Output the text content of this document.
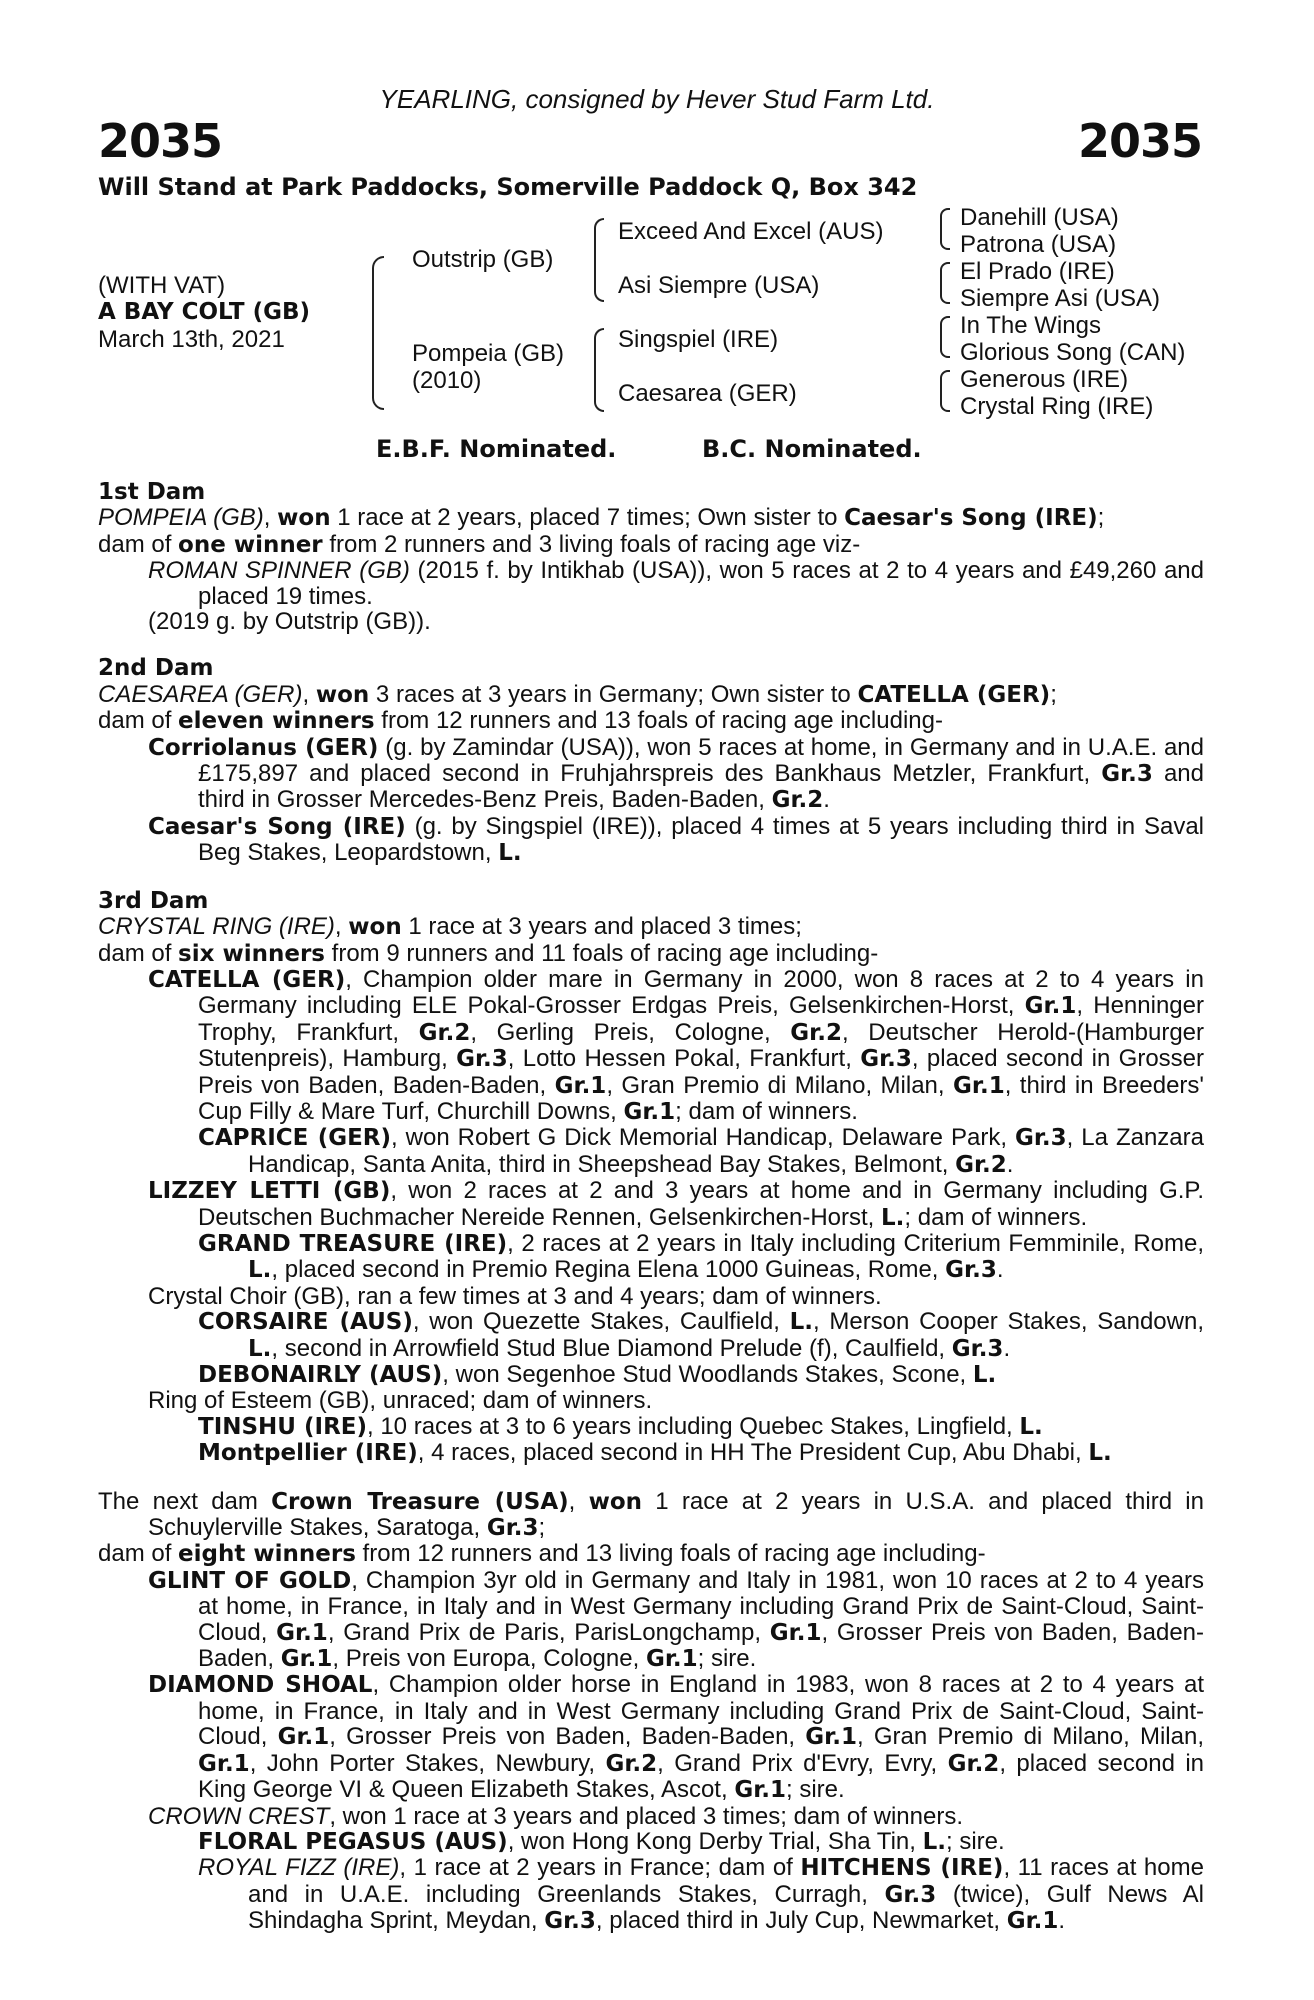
YEARLING, consigned by Hever Stud Farm Ltd.
2035	2035
Will Stand at Park Paddocks, Somerville Paddock Q, Box 342
(WITH VAT)
A BAY COLT (GB)
March 13th, 2021
Outstrip (GB)
Pompeia (GB)
(2010)
Exceed And Excel (AUS)
Asi Siempre (USA)
Singspiel (IRE)
Caesarea (GER)
Danehill (USA)
Patrona (USA)
El Prado (IRE)
Siempre Asi (USA)
In The Wings
Glorious Song (CAN)
Generous (IRE)
Crystal Ring (IRE)
E.B.F. Nominated.	B.C. Nominated.
1st Dam
POMPEIA (GB), won 1 race at 2 years, placed 7 times; Own sister to Caesar's Song (IRE);
dam of one winner from 2 runners and 3 living foals of racing age viz-
ROMAN SPINNER (GB) (2015 f. by Intikhab (USA)), won 5 races at 2 to 4 years and £49,260 and placed 19 times.
(2019 g. by Outstrip (GB)).
2nd Dam
CAESAREA (GER), won 3 races at 3 years in Germany; Own sister to CATELLA (GER);
dam of eleven winners from 12 runners and 13 foals of racing age including-
Corriolanus (GER) (g. by Zamindar (USA)), won 5 races at home, in Germany and in U.A.E. and £175,897 and placed second in Fruhjahrspreis des Bankhaus Metzler, Frankfurt, Gr.3 and third in Grosser Mercedes-Benz Preis, Baden-Baden, Gr.2.
Caesar's Song (IRE) (g. by Singspiel (IRE)), placed 4 times at 5 years including third in Saval Beg Stakes, Leopardstown, L.
3rd Dam
CRYSTAL RING (IRE), won 1 race at 3 years and placed 3 times;
dam of six winners from 9 runners and 11 foals of racing age including-
CATELLA (GER), Champion older mare in Germany in 2000, won 8 races at 2 to 4 years in Germany including ELE Pokal-Grosser Erdgas Preis, Gelsenkirchen-Horst, Gr.1, Henninger Trophy, Frankfurt, Gr.2, Gerling Preis, Cologne, Gr.2, Deutscher Herold-(Hamburger Stutenpreis), Hamburg, Gr.3, Lotto Hessen Pokal, Frankfurt, Gr.3, placed second in Grosser Preis von Baden, Baden-Baden, Gr.1, Gran Premio di Milano, Milan, Gr.1, third in Breeders' Cup Filly & Mare Turf, Churchill Downs, Gr.1; dam of winners.
CAPRICE (GER), won Robert G Dick Memorial Handicap, Delaware Park, Gr.3, La Zanzara Handicap, Santa Anita, third in Sheepshead Bay Stakes, Belmont, Gr.2.
LIZZEY LETTI (GB), won 2 races at 2 and 3 years at home and in Germany including G.P. Deutschen Buchmacher Nereide Rennen, Gelsenkirchen-Horst, L.; dam of winners.
GRAND TREASURE (IRE), 2 races at 2 years in Italy including Criterium Femminile, Rome, L., placed second in Premio Regina Elena 1000 Guineas, Rome, Gr.3.
Crystal Choir (GB), ran a few times at 3 and 4 years; dam of winners.
CORSAIRE (AUS), won Quezette Stakes, Caulfield, L., Merson Cooper Stakes, Sandown, L., second in Arrowfield Stud Blue Diamond Prelude (f), Caulfield, Gr.3.
DEBONAIRLY (AUS), won Segenhoe Stud Woodlands Stakes, Scone, L.
Ring of Esteem (GB), unraced; dam of winners.
TINSHU (IRE), 10 races at 3 to 6 years including Quebec Stakes, Lingfield, L.
Montpellier (IRE), 4 races, placed second in HH The President Cup, Abu Dhabi, L.
The next dam Crown Treasure (USA), won 1 race at 2 years in U.S.A. and placed third in Schuylerville Stakes, Saratoga, Gr.3;
dam of eight winners from 12 runners and 13 living foals of racing age including-
GLINT OF GOLD, Champion 3yr old in Germany and Italy in 1981, won 10 races at 2 to 4 years at home, in France, in Italy and in West Germany including Grand Prix de Saint-Cloud, Saint-Cloud, Gr.1, Grand Prix de Paris, ParisLongchamp, Gr.1, Grosser Preis von Baden, Baden-Baden, Gr.1, Preis von Europa, Cologne, Gr.1; sire.
DIAMOND SHOAL, Champion older horse in England in 1983, won 8 races at 2 to 4 years at home, in France, in Italy and in West Germany including Grand Prix de Saint-Cloud, Saint-Cloud, Gr.1, Grosser Preis von Baden, Baden-Baden, Gr.1, Gran Premio di Milano, Milan, Gr.1, John Porter Stakes, Newbury, Gr.2, Grand Prix d'Evry, Evry, Gr.2, placed second in King George VI & Queen Elizabeth Stakes, Ascot, Gr.1; sire.
CROWN CREST, won 1 race at 3 years and placed 3 times; dam of winners.
FLORAL PEGASUS (AUS), won Hong Kong Derby Trial, Sha Tin, L.; sire.
ROYAL FIZZ (IRE), 1 race at 2 years in France; dam of HITCHENS (IRE), 11 races at home and in U.A.E. including Greenlands Stakes, Curragh, Gr.3 (twice), Gulf News Al Shindagha Sprint, Meydan, Gr.3, placed third in July Cup, Newmarket, Gr.1.
